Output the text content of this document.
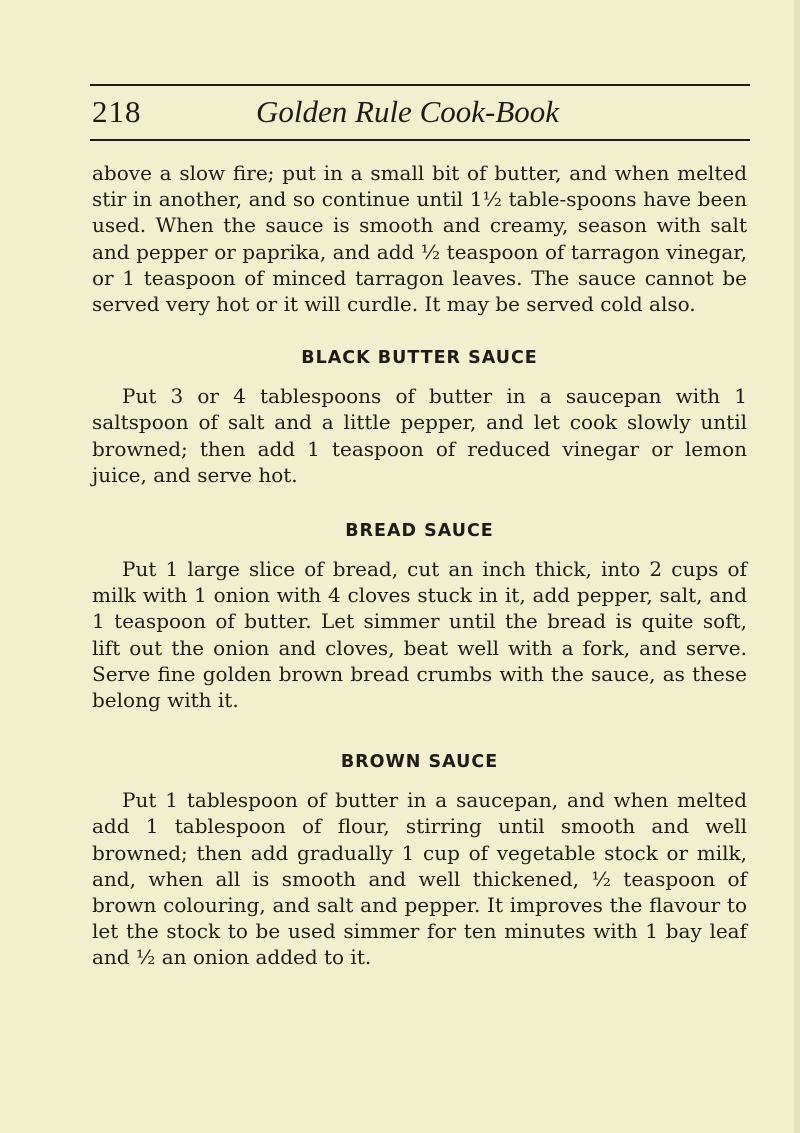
218	Golden Rule Cook-Book

above a slow fire; put in a small bit of butter, and when melted stir in another, and so continue until 1½ table-spoons have been used. When the sauce is smooth and creamy, season with salt and pepper or paprika, and add ½ teaspoon of tarragon vinegar, or 1 teaspoon of minced tarragon leaves. The sauce cannot be served very hot or it will curdle. It may be served cold also.

BLACK BUTTER SAUCE

Put 3 or 4 tablespoons of butter in a saucepan with 1 saltspoon of salt and a little pepper, and let cook slowly until browned; then add 1 teaspoon of reduced vinegar or lemon juice, and serve hot.

BREAD SAUCE

Put 1 large slice of bread, cut an inch thick, into 2 cups of milk with 1 onion with 4 cloves stuck in it, add pepper, salt, and 1 teaspoon of butter. Let simmer until the bread is quite soft, lift out the onion and cloves, beat well with a fork, and serve. Serve fine golden brown bread crumbs with the sauce, as these belong with it.

BROWN SAUCE

Put 1 tablespoon of butter in a saucepan, and when melted add 1 tablespoon of flour, stirring until smooth and well browned; then add gradually 1 cup of vegetable stock or milk, and, when all is smooth and well thickened, ½ teaspoon of brown colouring, and salt and pepper. It improves the flavour to let the stock to be used simmer for ten minutes with 1 bay leaf and ½ an onion added to it.
